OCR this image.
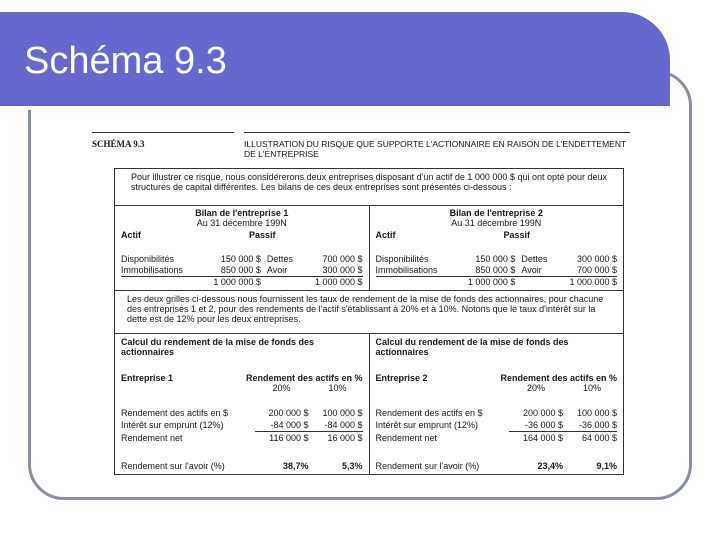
Schéma 9.3
SCHÉMA 9.3	ILLUSTRATION DU RISQUE QUE SUPPORTE L'ACTIONNAIRE EN RAISON DE L'ENDETTEMENT DE L'ENTREPRISE
Pour illustrer ce risque, nous considérerons deux entreprises disposant d'un actif de 1 000 000 $ qui ont opté pour deux structures de capital différentes. Les bilans de ces deux entreprises sont présentés ci-dessous :
Bilan de l'entreprise 1
Au 31 décembre 199N
Actif	Passif
Disponibilités	150 000 $	Dettes	700 000 $
Immobilisations	850 000 $	Avoir	300 000 $
	1 000 000 $		1 000 000 $
Bilan de l'entreprise 2
Au 31 décembre 199N
Actif	Passif
Disponibilités	150 000 $	Dettes	300 000 $
Immobilisations	850 000 $	Avoir	700 000 $
	1 000 000 $		1 000 000 $
Les deux grilles ci-dessous nous fournissent les taux de rendement de la mise de fonds des actionnaires, pour chacune des entreprises 1 et 2, pour des rendements de l'actif s'établissant à 20% et à 10%. Notons que le taux d'intérêt sur la dette est de 12% pour les deux entreprises.
Calcul du rendement de la mise de fonds des actionnaires
Entreprise 1	Rendement des actifs en %
20%	10%
Rendement des actifs en $	200 000 $	100 000 $
Intérêt sur emprunt (12%)	-84 000 $	-84 000 $
Rendement net	116 000 $	16 000 $

Rendement sur l'avoir (%)	38,7%	5,3%
Calcul du rendement de la mise de fonds des actionnaires
Entreprise 2	Rendement des actifs en %
20%	10%
Rendement des actifs en $	200 000 $	100 000 $
Intérêt sur emprunt (12%)	-36 000 $	-36 000 $
Rendement net	164 000 $	64 000 $

Rendement sur l'avoir (%)	23,4%	9,1%
